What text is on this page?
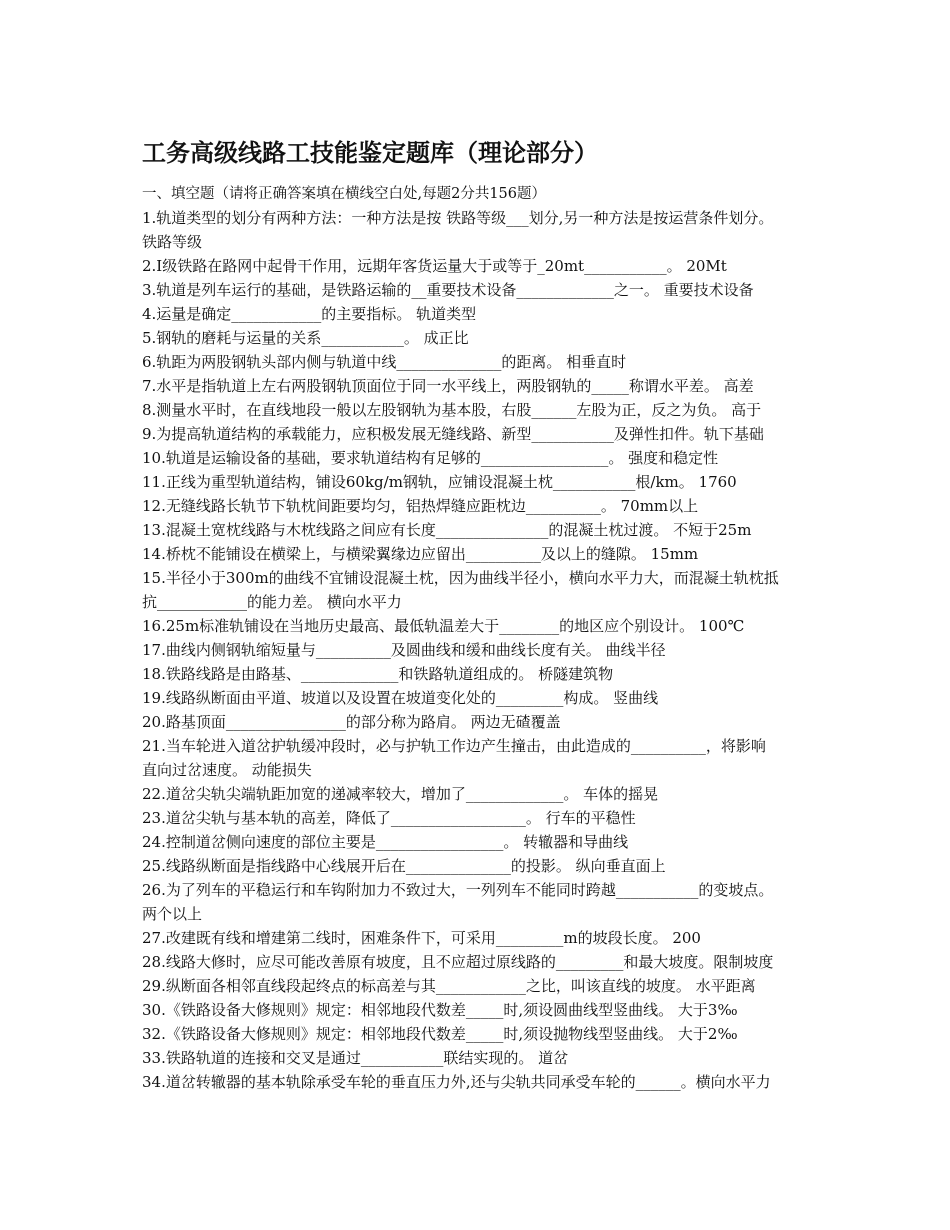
工务高级线路工技能鉴定题库（理论部分）
一、填空题（请将正确答案填在横线空白处,每题2分共156题）
1.轨道类型的划分有两种方法：一种方法是按 铁路等级___划分,另一种方法是按运营条件划分。
铁路等级
2.Ⅰ级铁路在路网中起骨干作用，远期年客货运量大于或等于_20mt___________。 20Mt
3.轨道是列车运行的基础，是铁路运输的__重要技术设备_____________之一。 重要技术设备
4.运量是确定____________的主要指标。 轨道类型
5.钢轨的磨耗与运量的关系___________。 成正比
6.轨距为两股钢轨头部内侧与轨道中线______________的距离。 相垂直时
7.水平是指轨道上左右两股钢轨顶面位于同一水平线上，两股钢轨的_____称谓水平差。 高差
8.测量水平时，在直线地段一般以左股钢轨为基本股，右股______左股为正，反之为负。 高于
9.为提高轨道结构的承载能力，应积极发展无缝线路、新型___________及弹性扣件。轨下基础
10.轨道是运输设备的基础，要求轨道结构有足够的_________________。 强度和稳定性
11.正线为重型轨道结构，铺设60kg/m钢轨，应铺设混凝土枕___________根/km。 1760
12.无缝线路长轨节下轨枕间距要均匀，铝热焊缝应距枕边__________。 70mm以上
13.混凝土宽枕线路与木枕线路之间应有长度_______________的混凝土枕过渡。 不短于25m
14.桥枕不能铺设在横梁上，与横梁翼缘边应留出__________及以上的缝隙。 15mm
15.半径小于300m的曲线不宜铺设混凝土枕，因为曲线半径小，横向水平力大，而混凝土轨枕抵
抗____________的能力差。 横向水平力
16.25m标准轨铺设在当地历史最高、最低轨温差大于________的地区应个别设计。 100℃
17.曲线内侧钢轨缩短量与__________及圆曲线和缓和曲线长度有关。 曲线半径
18.铁路线路是由路基、_____________和铁路轨道组成的。 桥隧建筑物
19.线路纵断面由平道、坡道以及设置在坡道变化处的_________构成。 竖曲线
20.路基顶面________________的部分称为路肩。 两边无碴覆盖
21.当车轮进入道岔护轨缓冲段时，必与护轨工作边产生撞击，由此造成的__________，将影响
直向过岔速度。 动能损失
22.道岔尖轨尖端轨距加宽的递减率较大，增加了_____________。 车体的摇晃
23.道岔尖轨与基本轨的高差，降低了__________________。 行车的平稳性
24.控制道岔侧向速度的部位主要是_________________。 转辙器和导曲线
25.线路纵断面是指线路中心线展开后在______________的投影。 纵向垂直面上
26.为了列车的平稳运行和车钩附加力不致过大，一列列车不能同时跨越___________的变坡点。
两个以上
27.改建既有线和增建第二线时，困难条件下，可采用_________m的坡段长度。 200
28.线路大修时，应尽可能改善原有坡度，且不应超过原线路的_________和最大坡度。限制坡度
29.纵断面各相邻直线段起终点的标高差与其____________之比，叫该直线的坡度。 水平距离
30.《铁路设备大修规则》规定：相邻地段代数差_____时,须设圆曲线型竖曲线。 大于3‰
32.《铁路设备大修规则》规定：相邻地段代数差_____时,须设抛物线型竖曲线。 大于2‰
33.铁路轨道的连接和交叉是通过___________联结实现的。 道岔
34.道岔转辙器的基本轨除承受车轮的垂直压力外,还与尖轨共同承受车轮的______。横向水平力
